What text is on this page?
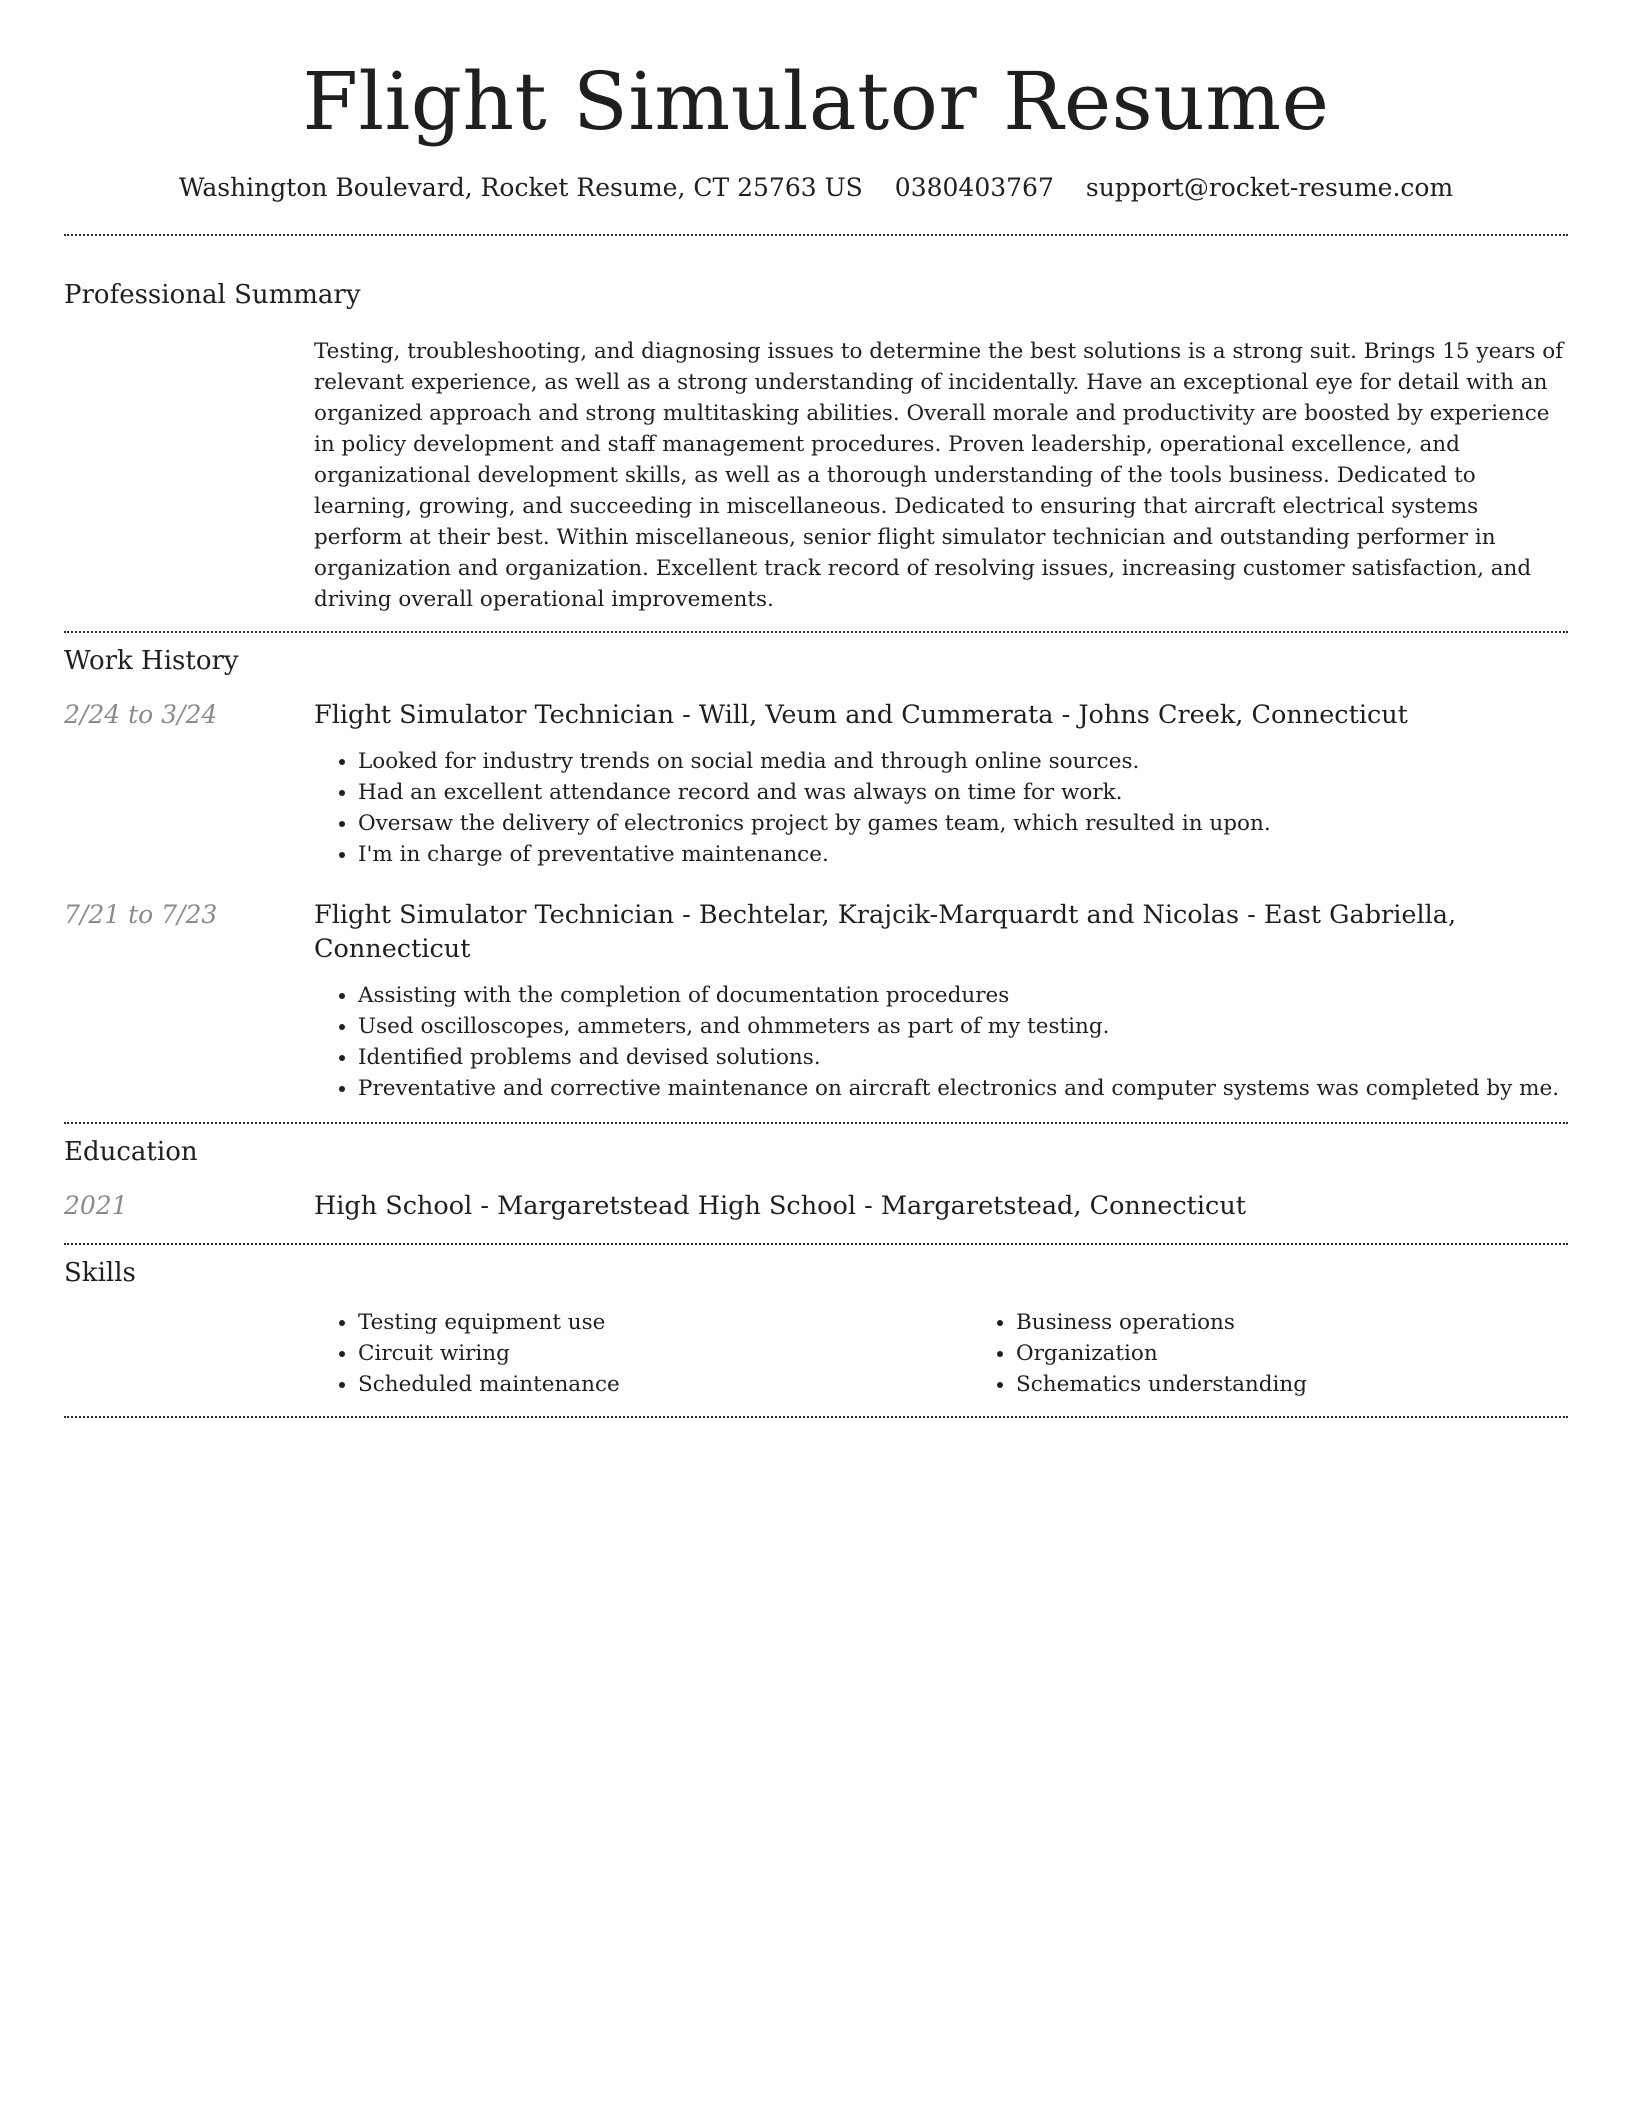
Flight Simulator Resume
Washington Boulevard, Rocket Resume, CT 25763 US 0380403767 support@rocket-resume.com
Professional Summary

Testing, troubleshooting, and diagnosing issues to determine the best solutions is a strong suit. Brings 15 years of relevant experience, as well as a strong understanding of incidentally. Have an exceptional eye for detail with an organized approach and strong multitasking abilities. Overall morale and productivity are boosted by experience in policy development and staff management procedures. Proven leadership, operational excellence, and organizational development skills, as well as a thorough understanding of the tools business. Dedicated to learning, growing, and succeeding in miscellaneous. Dedicated to ensuring that aircraft electrical systems perform at their best. Within miscellaneous, senior flight simulator technician and outstanding performer in organization and organization. Excellent track record of resolving issues, increasing customer satisfaction, and driving overall operational improvements.

Work History
2/24 to 3/24	Flight Simulator Technician - Will, Veum and Cummerata - Johns Creek, Connecticut
• Looked for industry trends on social media and through online sources.
• Had an excellent attendance record and was always on time for work.
• Oversaw the delivery of electronics project by games team, which resulted in upon.
• I'm in charge of preventative maintenance.
7/21 to 7/23	Flight Simulator Technician - Bechtelar, Krajcik-Marquardt and Nicolas - East Gabriella, Connecticut
• Assisting with the completion of documentation procedures
• Used oscilloscopes, ammeters, and ohmmeters as part of my testing.
• Identified problems and devised solutions.
• Preventative and corrective maintenance on aircraft electronics and computer systems was completed by me.
Education
2021	High School - Margaretstead High School - Margaretstead, Connecticut
Skills
• Testing equipment use
• Circuit wiring
• Scheduled maintenance
• Business operations
• Organization
• Schematics understanding
